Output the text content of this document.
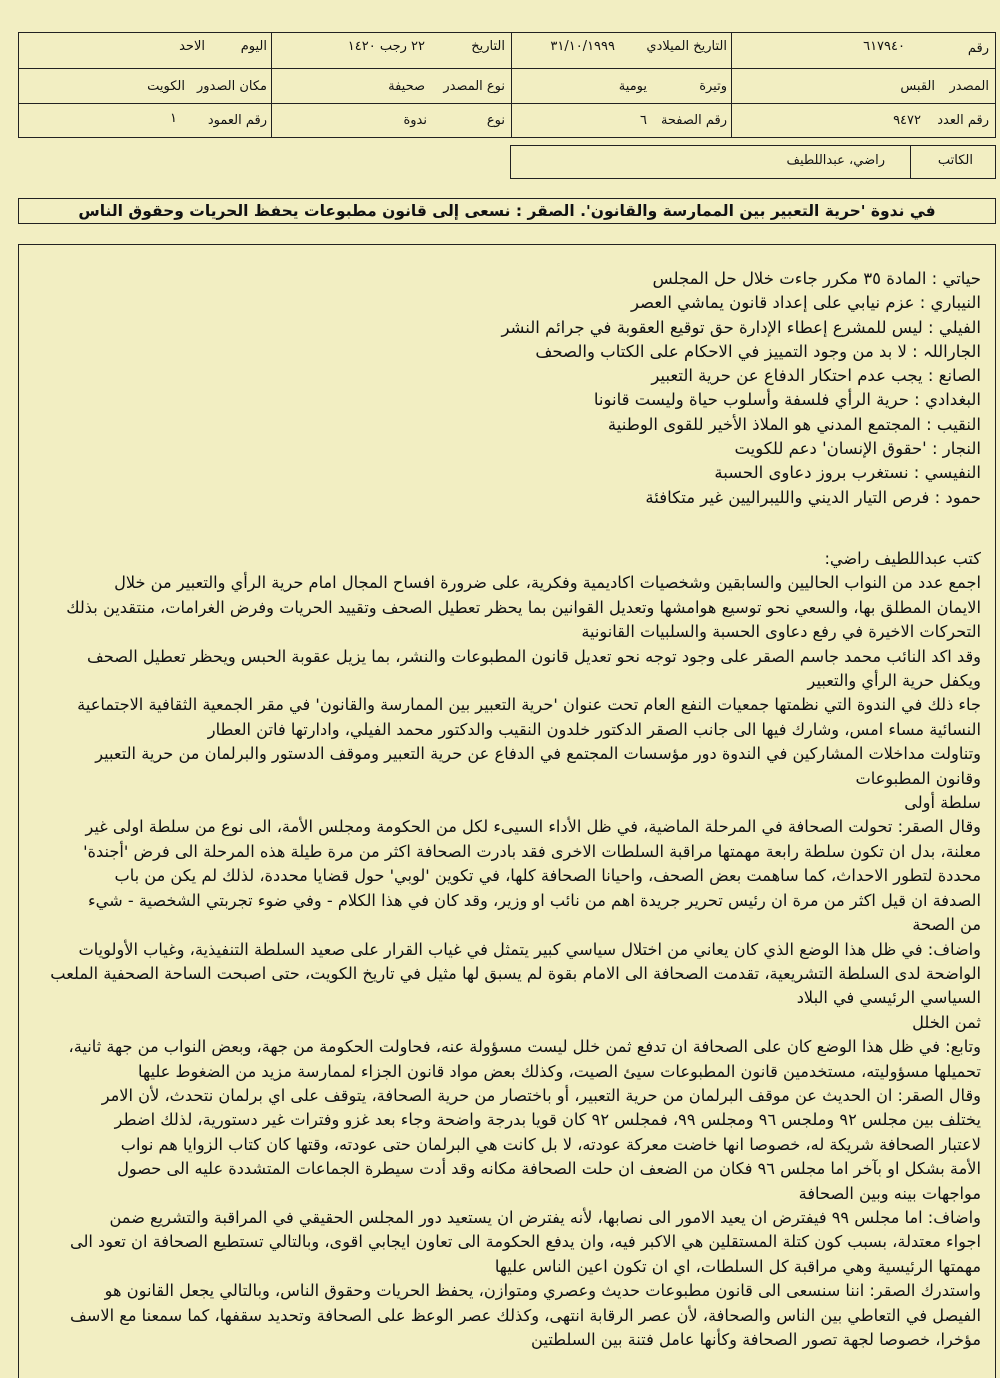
رقم
٦١٧٩٤٠
التاريخ الميلادي
٣١/١٠/١٩٩٩
التاريخ
٢٢ رجب ١٤٢٠
اليوم
الاحد
المصدر
القبس
وتيرة
يومية
نوع المصدر
صحيفة
مكان الصدور
الكويت
رقم العدد
٩٤٧٢
رقم الصفحة
٦
نوع
ندوة
رقم العمود
١
الكاتب
راضي، عبداللطيف
في ندوة 'حرية التعبير بين الممارسة والقانون'. الصقر : نسعى إلى قانون مطبوعات يحفظ الحريات وحقوق الناس
حياتي : المادة ٣٥ مكرر جاءت خلال حل المجلس
النيباري : عزم نيابي على إعداد قانون يماشي العصر
الفيلي : ليس للمشرع إعطاء الإدارة حق توقيع العقوبة في جرائم النشر
الجاراللہ : لا بد من وجود التمييز في الاحكام على الكتاب والصحف
الصانع : يجب عدم احتكار الدفاع عن حرية التعبير
البغدادي : حرية الرأي فلسفة وأسلوب حياة وليست قانونا
النقيب : المجتمع المدني هو الملاذ الأخير للقوى الوطنية
النجار : 'حقوق الإنسان' دعم للكويت
النفيسي : نستغرب بروز دعاوى الحسبة
حمود : فرص التيار الديني والليبراليين غير متكافئة
كتب عبداللطيف راضي:
اجمع عدد من النواب الحاليين والسابقين وشخصيات اكاديمية وفكرية، على ضرورة افساح المجال امام حرية الرأي والتعبير من خلال
الايمان المطلق بها، والسعي نحو توسيع هوامشها وتعديل القوانين بما يحظر تعطيل الصحف وتقييد الحريات وفرض الغرامات، منتقدين بذلك
التحركات الاخيرة في رفع دعاوى الحسبة والسلبيات القانونية
وقد اكد النائب محمد جاسم الصقر على وجود توجه نحو تعديل قانون المطبوعات والنشر، بما يزيل عقوبة الحبس ويحظر تعطيل الصحف
ويكفل حرية الرأي والتعبير
جاء ذلك في الندوة التي نظمتها جمعيات النفع العام تحت عنوان 'حرية التعبير بين الممارسة والقانون' في مقر الجمعية الثقافية الاجتماعية
النسائية مساء امس، وشارك فيها الى جانب الصقر الدكتور خلدون النقيب والدكتور محمد الفيلي، وادارتها فاتن العطار
وتناولت مداخلات المشاركين في الندوة دور مؤسسات المجتمع في الدفاع عن حرية التعبير وموقف الدستور والبرلمان من حرية التعبير
وقانون المطبوعات
سلطة أولى
وقال الصقر: تحولت الصحافة في المرحلة الماضية، في ظل الأداء السيىء لكل من الحكومة ومجلس الأمة، الى نوع من سلطة اولى غير
معلنة، بدل ان تكون سلطة رابعة مهمتها مراقبة السلطات الاخرى فقد بادرت الصحافة اكثر من مرة طيلة هذه المرحلة الى فرض 'أجندة'
محددة لتطور الاحداث، كما ساهمت بعض الصحف، واحيانا الصحافة كلها، في تكوين 'لوبي' حول قضايا محددة، لذلك لم يكن من باب
الصدفة ان قيل اكثر من مرة ان رئيس تحرير جريدة اهم من نائب او وزير، وقد كان في هذا الكلام - وفي ضوء تجربتي الشخصية - شيء
من الصحة
واضاف: في ظل هذا الوضع الذي كان يعاني من اختلال سياسي كبير يتمثل في غياب القرار على صعيد السلطة التنفيذية، وغياب الأولويات
الواضحة لدى السلطة التشريعية، تقدمت الصحافة الى الامام بقوة لم يسبق لها مثيل في تاريخ الكويت، حتى اصبحت الساحة الصحفية الملعب
السياسي الرئيسي في البلاد
ثمن الخلل
وتابع: في ظل هذا الوضع كان على الصحافة ان تدفع ثمن خلل ليست مسؤولة عنه، فحاولت الحكومة من جهة، وبعض النواب من جهة ثانية،
تحميلها مسؤوليته، مستخدمين قانون المطبوعات سيئ الصيت، وكذلك بعض مواد قانون الجزاء لممارسة مزيد من الضغوط عليها
وقال الصقر: ان الحديث عن موقف البرلمان من حرية التعبير، أو باختصار من حرية الصحافة، يتوقف على اي برلمان نتحدث، لأن الامر
يختلف بين مجلس ٩٢ وملجس ٩٦ ومجلس ٩٩، فمجلس ٩٢ كان قويا بدرجة واضحة وجاء بعد غزو وفترات غير دستورية، لذلك اضطر
لاعتبار الصحافة شريكة له، خصوصا انها خاضت معركة عودته، لا بل كانت هي البرلمان حتى عودته، وقتها كان كتاب الزوايا هم نواب
الأمة بشكل او بآخر اما مجلس ٩٦ فكان من الضعف ان حلت الصحافة مكانه وقد أدت سيطرة الجماعات المتشددة عليه الى حصول
مواجهات بينه وبين الصحافة
واضاف: اما مجلس ٩٩ فيفترض ان يعيد الامور الى نصابها، لأنه يفترض ان يستعيد دور المجلس الحقيقي في المراقبة والتشريع ضمن
اجواء معتدلة، بسبب كون كتلة المستقلين هي الاكبر فيه، وان يدفع الحكومة الى تعاون ايجابي اقوى، وبالتالي تستطيع الصحافة ان تعود الى
مهمتها الرئيسية وهي مراقبة كل السلطات، اي ان تكون اعين الناس عليها
واستدرك الصقر: اننا سنسعى الى قانون مطبوعات حديث وعصري ومتوازن، يحفظ الحريات وحقوق الناس، وبالتالي يجعل القانون هو
الفيصل في التعاطي بين الناس والصحافة، لأن عصر الرقابة انتهى، وكذلك عصر الوعظ على الصحافة وتحديد سقفها، كما سمعنا مع الاسف
مؤخرا، خصوصا لجهة تصور الصحافة وكأنها عامل فتنة بين السلطتين
